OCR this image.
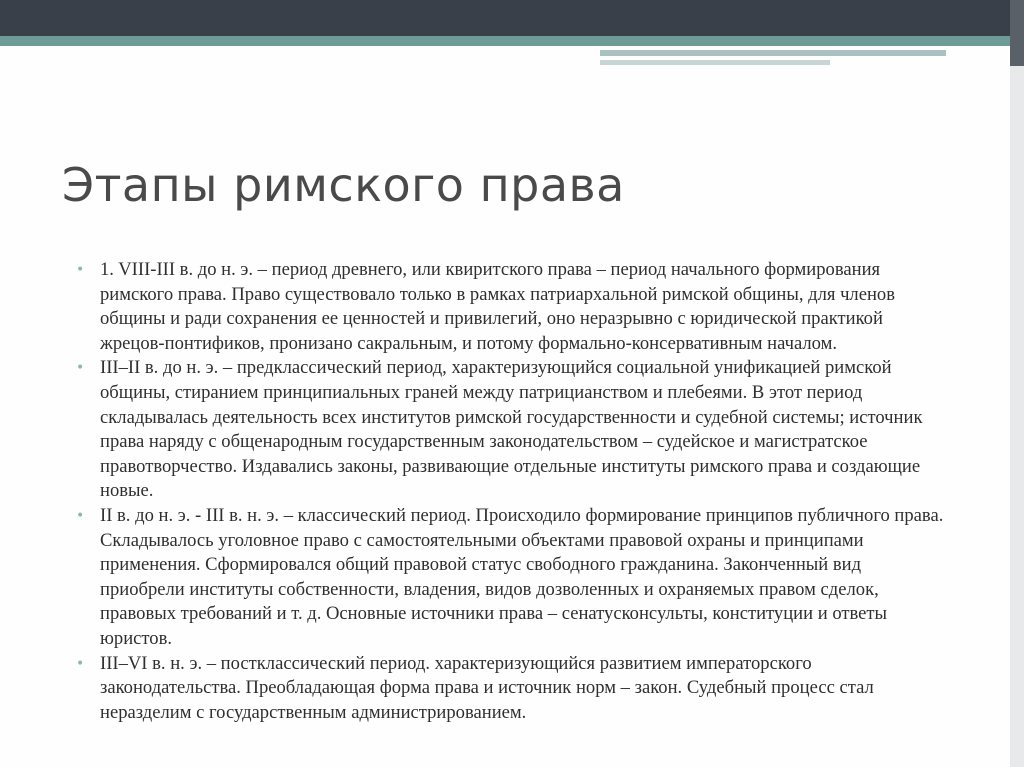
Этапы римского права
• 1. VIII-III в. до н. э. – период древнего, или квиритского права – период начального формирования римского права. Право существовало только в рамках патриархальной римской общины, для членов общины и ради сохранения ее ценностей и привилегий, оно неразрывно с юридической практикой жрецов-понтификов, пронизано сакральным, и потому формально-консервативным началом.
• III–II в. до н. э. – предклассический период, характеризующийся социальной унификацией римской общины, стиранием принципиальных граней между патрицианством и плебеями. В этот период складывалась деятельность всех институтов римской государственности и судебной системы; источник права наряду с общенародным государственным законодательством – судейское и магистратское правотворчество. Издавались законы, развивающие отдельные институты римского права и создающие новые.
• II в. до н. э. - III в. н. э. – классический период. Происходило формирование принципов публичного права. Складывалось уголовное право с самостоятельными объектами правовой охраны и принципами применения. Сформировался общий правовой статус свободного гражданина. Законченный вид приобрели институты собственности, владения, видов дозволенных и охраняемых правом сделок, правовых требований и т. д. Основные источники права – сенатусконсульты, конституции и ответы юристов.
• III–VI в. н. э. – постклассический период. характеризующийся развитием императорского законодательства. Преобладающая форма права и источник норм – закон. Судебный процесс стал неразделим с государственным администрированием.
